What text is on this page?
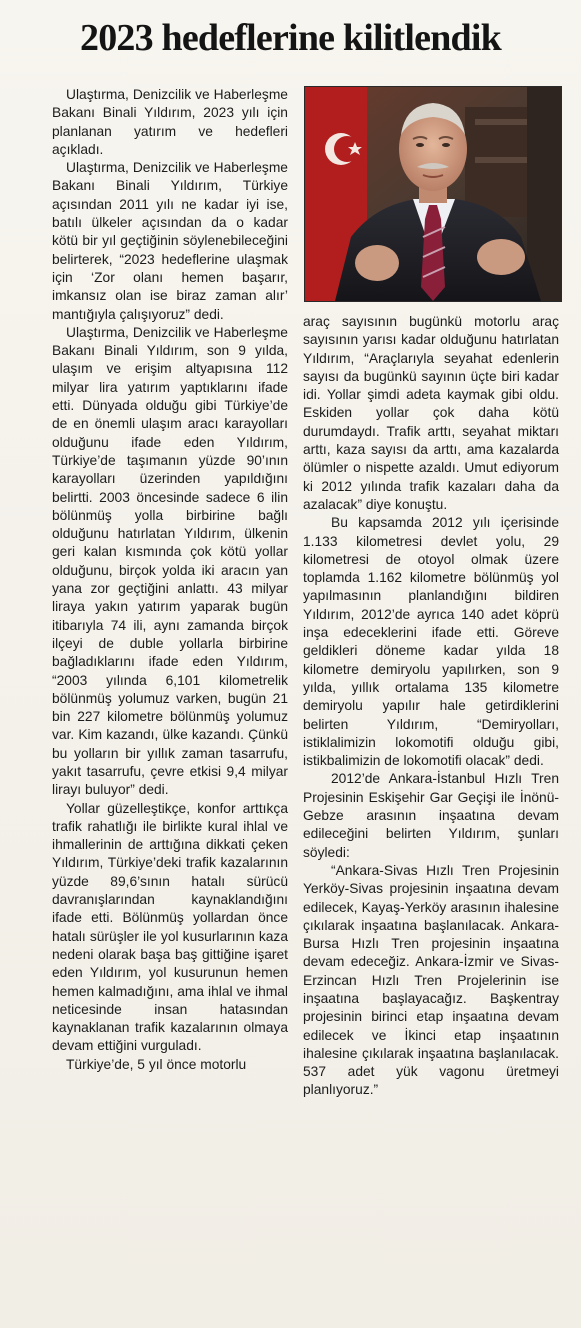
2023 hedeflerine kilitlendik

Ulaştırma, Denizcilik ve Haberleşme Bakanı Binali Yıldırım, 2023 yılı için planlanan yatırım ve hedefleri açıkladı.

Ulaştırma, Denizcilik ve Haberleşme Bakanı Binali Yıldırım, Türkiye açısından 2011 yılı ne kadar iyi ise, batılı ülkeler açısından da o kadar kötü bir yıl geçtiğinin söylenebileceğini belirterek, “2023 hedeflerine ulaşmak için ‘Zor olanı hemen başarır, imkansız olan ise biraz zaman alır’ mantığıyla çalışıyoruz” dedi.

Ulaştırma, Denizcilik ve Haberleşme Bakanı Binali Yıldırım, son 9 yılda, ulaşım ve erişim altyapısına 112 milyar lira yatırım yaptıklarını ifade etti. Dünyada olduğu gibi Türkiye’de de en önemli ulaşım aracı karayolları olduğunu ifade eden Yıldırım, Türkiye’de taşımanın yüzde 90’ının karayolları üzerinden yapıldığını belirtti. 2003 öncesinde sadece 6 ilin bölünmüş yolla birbirine bağlı olduğunu hatırlatan Yıldırım, ülkenin geri kalan kısmında çok kötü yollar olduğunu, birçok yolda iki aracın yan yana zor geçtiğini anlattı. 43 milyar liraya yakın yatırım yaparak bugün itibarıyla 74 ili, aynı zamanda birçok ilçeyi de duble yollarla birbirine bağladıklarını ifade eden Yıldırım, “2003 yılında 6,101 kilometrelik bölünmüş yolumuz varken, bugün 21 bin 227 kilometre bölünmüş yolumuz var. Kim kazandı, ülke kazandı. Çünkü bu yolların bir yıllık zaman tasarrufu, yakıt tasarrufu, çevre etkisi 9,4 milyar lirayı buluyor” dedi.

Yollar güzelleştikçe, konfor arttıkça trafik rahatlığı ile birlikte kural ihlal ve ihmallerinin de arttığına dikkati çeken Yıldırım, Türkiye’deki trafik kazalarının yüzde 89,6’sının hatalı sürücü davranışlarından kaynaklandığını ifade etti. Bölünmüş yollardan önce hatalı sürüşler ile yol kusurlarının kaza nedeni olarak başa baş gittiğine işaret eden Yıldırım, yol kusurunun hemen hemen kalmadığını, ama ihlal ve ihmal neticesinde insan hatasından kaynaklanan trafik kazalarının olmaya devam ettiğini vurguladı.

Türkiye’de, 5 yıl önce motorlu

araç sayısının bugünkü motorlu araç sayısının yarısı kadar olduğunu hatırlatan Yıldırım, “Araçlarıyla seyahat edenlerin sayısı da bugünkü sayının üçte biri kadar idi. Yollar şimdi adeta kaymak gibi oldu. Eskiden yollar çok daha kötü durumdaydı. Trafik arttı, seyahat miktarı arttı, kaza sayısı da arttı, ama kazalarda ölümler o nispette azaldı. Umut ediyorum ki 2012 yılında trafik kazaları daha da azalacak” diye konuştu.

Bu kapsamda 2012 yılı içerisinde 1.133 kilometresi devlet yolu, 29 kilometresi de otoyol olmak üzere toplamda 1.162 kilometre bölünmüş yol yapılmasının planlandığını bildiren Yıldırım, 2012’de ayrıca 140 adet köprü inşa edeceklerini ifade etti. Göreve geldikleri döneme kadar yılda 18 kilometre demiryolu yapılırken, son 9 yılda, yıllık ortalama 135 kilometre demiryolu yapılır hale getirdiklerini belirten Yıldırım, “Demiryolları, istiklalimizin lokomotifi olduğu gibi, istikbalimizin de lokomotifi olacak” dedi.

2012’de Ankara-İstanbul Hızlı Tren Projesinin Eskişehir Gar Geçişi ile İnönü-Gebze arasının inşaatına devam edileceğini belirten Yıldırım, şunları söyledi:

“Ankara-Sivas Hızlı Tren Projesinin Yerköy-Sivas projesinin inşaatına devam edilecek, Kayaş-Yerköy arasının ihalesine çıkılarak inşaatına başlanılacak. Ankara-Bursa Hızlı Tren projesinin inşaatına devam edeceğiz. Ankara-İzmir ve Sivas-Erzincan Hızlı Tren Projelerinin ise inşaatına başlayacağız. Başkentray projesinin birinci etap inşaatına devam edilecek ve İkinci etap inşaatının ihalesine çıkılarak inşaatına başlanılacak. 537 adet yük vagonu üretmeyi planlıyoruz.”
